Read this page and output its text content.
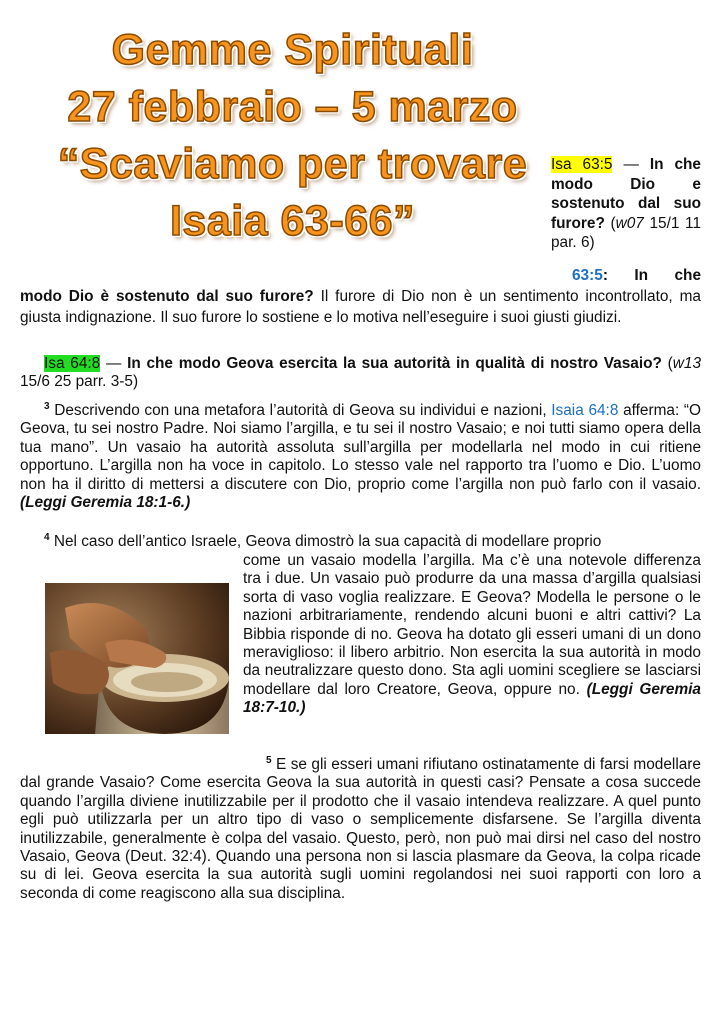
Gemme Spirituali
27 febbraio – 5 marzo
“Scaviamo per trovare
Isaia 63-66”
Isa 63:5 — In che modo Dio e sostenuto dal suo furore? (w07 15/1 11 par. 6)

63:5: In che modo Dio è sostenuto dal suo furore? Il furore di Dio non è un sentimento incontrollato, ma giusta indignazione. Il suo furore lo sostiene e lo motiva nell’eseguire i suoi giusti giudizi.

Isa 64:8 — In che modo Geova esercita la sua autorità in qualità di nostro Vasaio? (w13 15/6 25 parr. 3-5)

$^3$ Descrivendo con una metafora l’autorità di Geova su individui e nazioni, Isaia 64:8 afferma: “O Geova, tu sei nostro Padre. Noi siamo l’argilla, e tu sei il nostro Vasaio; e noi tutti siamo opera della tua mano”. Un vasaio ha autorità assoluta sull’argilla per modellarla nel modo in cui ritiene opportuno. L’argilla non ha voce in capitolo. Lo stesso vale nel rapporto tra l’uomo e Dio. L’uomo non ha il diritto di mettersi a discutere con Dio, proprio come l’argilla non può farlo con il vasaio. (Leggi Geremia 18:1-6.)

$^4$ Nel caso dell’antico Israele, Geova dimostrò la sua capacità di modellare proprio

come un vasaio modella l’argilla. Ma c’è una notevole differenza tra i due. Un vasaio può produrre da una massa d’argilla qualsiasi sorta di vaso voglia realizzare. E Geova? Modella le persone o le nazioni arbitrariamente, rendendo alcuni buoni e altri cattivi? La Bibbia risponde di no. Geova ha dotato gli esseri umani di un dono meraviglioso: il libero arbitrio. Non esercita la sua autorità in modo da neutralizzare questo dono. Sta agli uomini scegliere se lasciarsi modellare dal loro Creatore, Geova, oppure no. (Leggi Geremia 18:7-10.)

$^5$ E se gli esseri umani rifiutano ostinatamente di farsi modellare dal grande Vasaio? Come esercita Geova la sua autorità in questi casi? Pensate a cosa succede quando l’argilla diviene inutilizzabile per il prodotto che il vasaio intendeva realizzare. A quel punto egli può utilizzarla per un altro tipo di vaso o semplicemente disfarsene. Se l’argilla diventa inutilizzabile, generalmente è colpa del vasaio. Questo, però, non può mai dirsi nel caso del nostro Vasaio, Geova (Deut. 32:4). Quando una persona non si lascia plasmare da Geova, la colpa ricade su di lei. Geova esercita la sua autorità sugli uomini regolandosi nei suoi rapporti con loro a seconda di come reagiscono alla sua disciplina.
